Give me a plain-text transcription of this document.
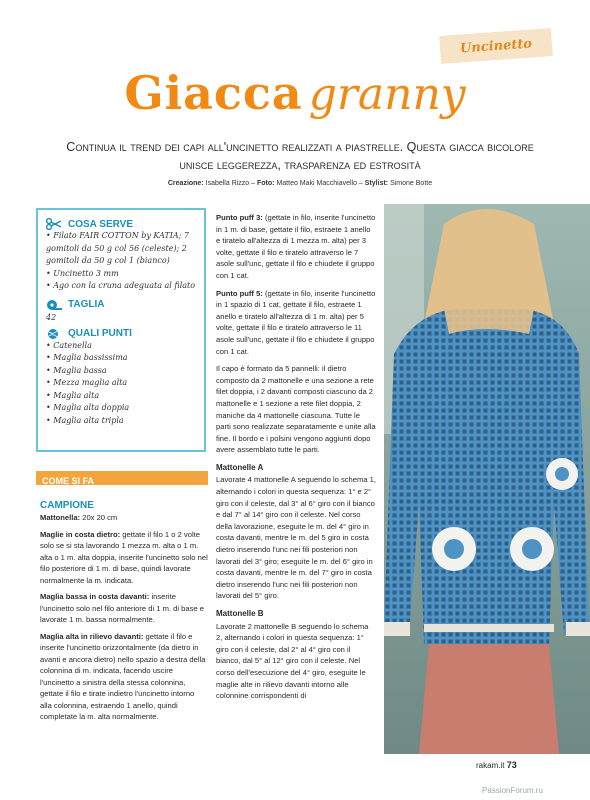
Uncinetto
Giacca granny
Continua il trend dei capi all'uncinetto realizzati a piastrelle. Questa giacca bicolore unisce leggerezza, trasparenza ed estrosità
Creazione: Isabella Rizzo – Foto: Matteo Maki Macchiavello – Stylist: Simone Botte
COSA SERVE
• Filato FAIR COTTON by KATIA; 7 gomitoli da 50 g col 56 (celeste); 2 gomitoli da 50 g col 1 (bianco)
• Uncinetto 3 mm
• Ago con la cruna adeguata al filato
TAGLIA
42
QUALI PUNTI
• Catenella
• Maglia bassissima
• Maglia bassa
• Mezza maglia alta
• Maglia alta
• Maglia alta doppia
• Maglia alta tripla
COME SI FA
CAMPIONE

Mattonella: 20x 20 cm

Maglie in costa dietro: gettate il filo 1 o 2 volte solo se si sta lavorando 1 mezza m. alta o 1 m. alta o 1 m. alta doppia, inserite l'uncinetto solo nel filo posteriore di 1 m. di base, quindi lavorate normalmente la m. indicata.

Maglia bassa in costa davanti: inserite l'uncinetto solo nel filo anteriore di 1 m. di base e lavorate 1 m. bassa normalmente.

Maglia alta in rilievo davanti: gettate il filo e inserite l'uncinetto orizzontalmente (da dietro in avanti e ancora dietro) nello spazio a destra della colonnina di m. indicata, facendo uscire l'uncinetto a sinistra della stessa colonnina, gettate il filo e tirate indietro l'uncinetto intorno alla colonnina, estraendo 1 anello, quindi completate la m. alta normalmente.

Punto puff 3: (gettate in filo, inserite l'uncinetto in 1 m. di base, gettate il filo, estraete 1 anello e tiratelo all'altezza di 1 mezza m. alta) per 3 volte, gettate il filo e tiratelo attraverso le 7 asole sull'unc, gettate il filo e chiudete il gruppo con 1 cat.

Punto puff 5: (gettate in filo, inserite l'uncinetto in 1 spazio di 1 cat, gettate il filo, estraete 1 anello e tiratelo all'altezza di 1 m. alta) per 5 volte, gettate il filo e tiratelo attraverso le 11 asole sull'unc, gettate il filo e chiudete il gruppo con 1 cat.

Il capo è formato da 5 pannelli: il dietro composto da 2 mattonelle e una sezione a rete filet doppia, i 2 davanti composti ciascuno da 2 mattonelle e 1 sezione a rete filet doppia, 2 maniche da 4 mattonelle ciascuna. Tutte le parti sono realizzate separatamente e unite alla fine. Il bordo e i polsini vengono aggiunti dopo avere assemblato tutte le parti.

Mattonelle A

Lavorate 4 mattonelle A seguendo lo schema 1, alternando i colori in questa sequenza: 1° e 2° giro con il celeste, dal 3° al 6° giro con il bianco e dal 7° al 14° giro con il celeste. Nel corso della lavorazione, eseguite le m. del 4° giro in costa davanti, mentre le m. del 5 giro in costa dietro inserendo l'unc nei fili posteriori non lavorati del 3° giro; eseguite le m. del 6° giro in costa davanti, mentre le m. del 7° giro in costa dietro inserendo l'unc nei fili posteriori non lavorati del 5° giro.

Mattonelle B

Lavorate 2 mattonelle B seguendo lo schema 2, alternando i colori in questa sequenza: 1° giro con il celeste, dal 2° al 4° giro con il bianco, dal 5° al 12° giro con il celeste. Nel corso dell'esecuzione del 4° giro, eseguite le maglie alte in rilievo davanti intorno alle colonnine corrispondenti di

rakam.it 73
PassionForum.ru
